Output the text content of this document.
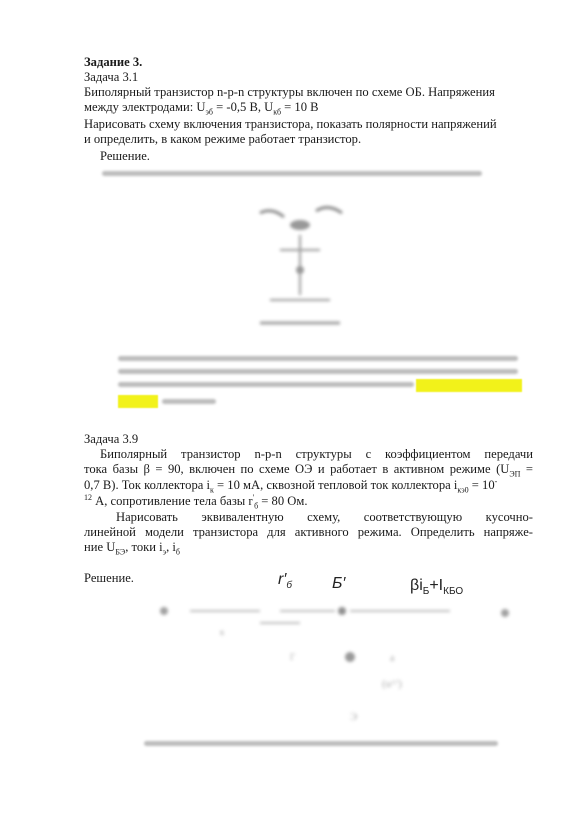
Задание 3.
Задача 3.1
Биполярный транзистор n-p-n структуры включен по схеме ОБ. Напряжения
между электродами: $U_{эб} = -0,5$ В, $U_{кб} = 10$ В
Нарисовать схему включения транзистора, показать полярности напряжений
и определить, в каком режиме работает транзистор.
Решение.
Задача 3.9
Биполярный транзистор n-p-n структуры с коэффициентом передачи
тока базы β = 90, включен по схеме ОЭ и работает в активном режиме ($U_{ЭП}$ =
0,7 В). Ток коллектора $i_к = 10$ мА, сквозной тепловой ток коллектора $i_{кэ0} = 10^-$
$^{12}$ А, сопротивление тела базы $r'_б = 80$ Ом.
Нарисовать эквивалентную схему, соответствующую кусочно-
линейной модели транзистора для активного режима. Определить напряже-
ние $U_{БЭ}$, токи $i_э$, $i_б$
Решение.	$r'_б$	Б′	$\beta i_Б+I_{КБО}$
к
Г	а
(u^')
Э
